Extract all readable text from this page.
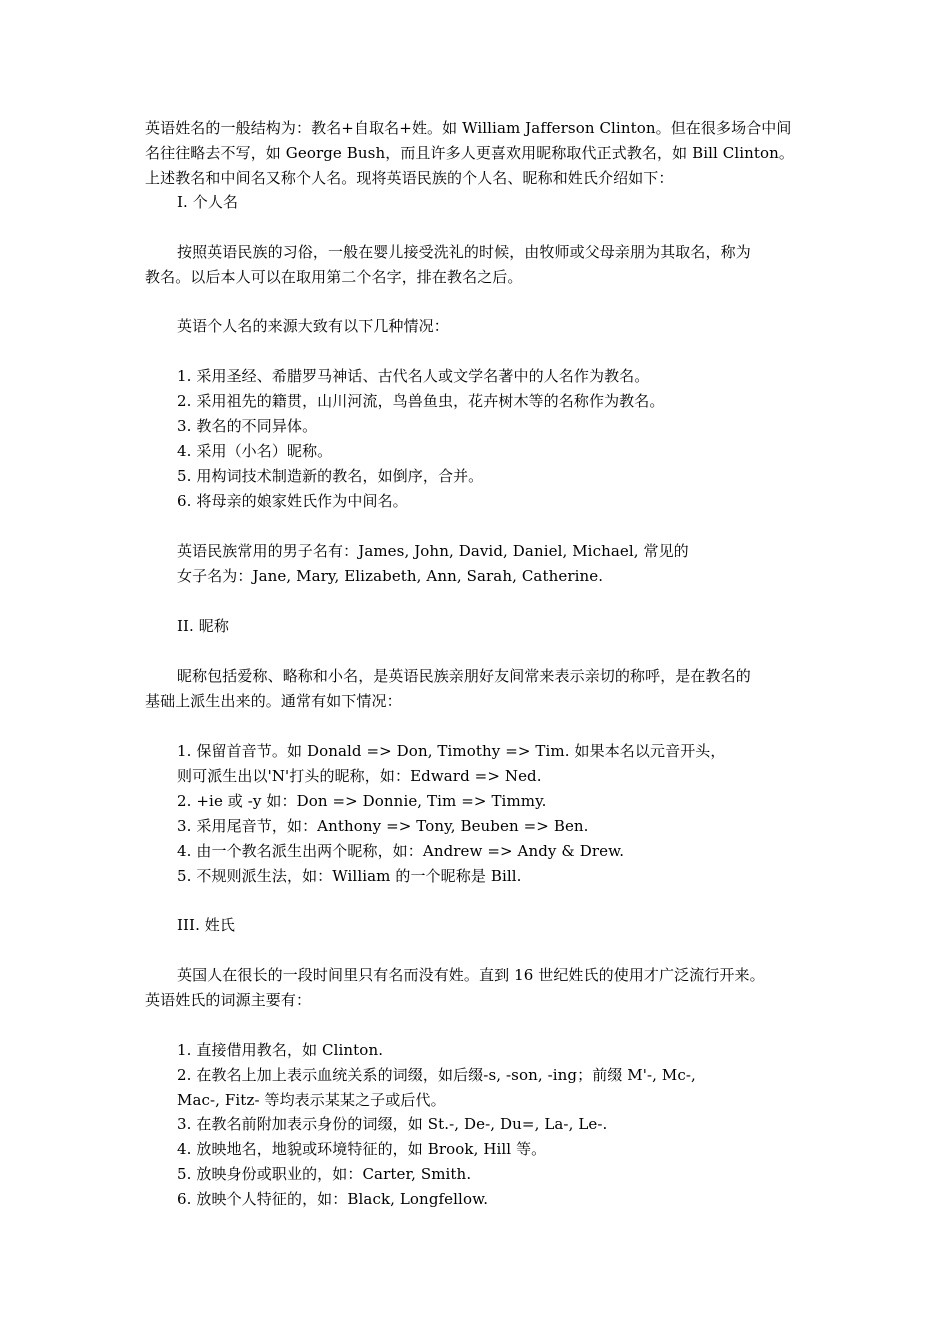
英语姓名的一般结构为：教名+自取名+姓。如 William Jafferson Clinton。但在很多场合中间
名往往略去不写，如 George Bush，而且许多人更喜欢用昵称取代正式教名，如 Bill Clinton。
上述教名和中间名又称个人名。现将英语民族的个人名、昵称和姓氏介绍如下：
I. 个人名
按照英语民族的习俗，一般在婴儿接受洗礼的时候，由牧师或父母亲朋为其取名，称为
教名。以后本人可以在取用第二个名字，排在教名之后。
英语个人名的来源大致有以下几种情况：
1. 采用圣经、希腊罗马神话、古代名人或文学名著中的人名作为教名。
2. 采用祖先的籍贯，山川河流，鸟兽鱼虫，花卉树木等的名称作为教名。
3. 教名的不同异体。
4. 采用（小名）昵称。
5. 用构词技术制造新的教名，如倒序，合并。
6. 将母亲的娘家姓氏作为中间名。
英语民族常用的男子名有：James, John, David, Daniel, Michael, 常见的
女子名为：Jane, Mary, Elizabeth, Ann, Sarah, Catherine.
II. 昵称
昵称包括爱称、略称和小名，是英语民族亲朋好友间常来表示亲切的称呼，是在教名的
基础上派生出来的。通常有如下情况：
1. 保留首音节。如 Donald => Don, Timothy => Tim. 如果本名以元音开头，
则可派生出以'N'打头的昵称，如：Edward => Ned.
2. +ie 或 -y 如：Don => Donnie, Tim => Timmy.
3. 采用尾音节，如：Anthony => Tony, Beuben => Ben.
4. 由一个教名派生出两个昵称，如：Andrew => Andy & Drew.
5. 不规则派生法，如：William 的一个昵称是 Bill.
III. 姓氏
英国人在很长的一段时间里只有名而没有姓。直到 16 世纪姓氏的使用才广泛流行开来。
英语姓氏的词源主要有：
1. 直接借用教名，如 Clinton.
2. 在教名上加上表示血统关系的词缀，如后缀-s, -son, -ing；前缀 M'-, Mc-,
Mac-, Fitz- 等均表示某某之子或后代。
3. 在教名前附加表示身份的词缀，如 St.-, De-, Du=, La-, Le-.
4. 放映地名，地貌或环境特征的，如 Brook, Hill 等。
5. 放映身份或职业的，如：Carter, Smith.
6. 放映个人特征的，如：Black, Longfellow.
